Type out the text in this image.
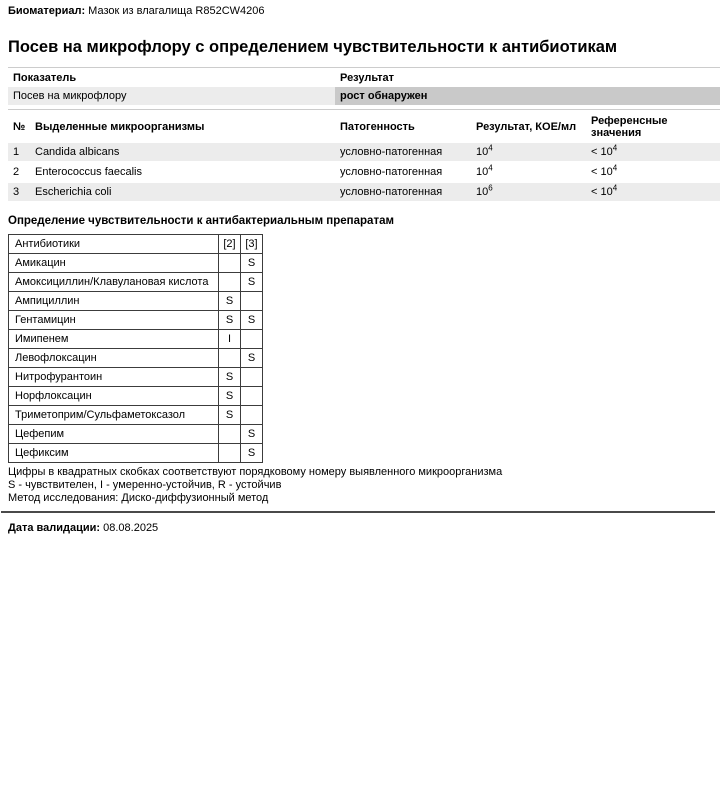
Биоматериал: Мазок из влагалища R852CW4206
Посев на микрофлору с определением чувствительности к антибиотикам
Показатель	Результат
Посев на микрофлору	рост обнаружен
№	Выделенные микроорганизмы	Патогенность	Результат, КОЕ/мл	Референсные значения
1	Candida albicans	условно-патогенная	$10^4$	< $10^4$
2	Enterococcus faecalis	условно-патогенная	$10^4$	< $10^4$
3	Escherichia coli	условно-патогенная	$10^6$	< $10^4$
Определение чувствительности к антибактериальным препаратам
Антибиотики	[2]	[3]
Амикацин		S
Амоксициллин/Клавулановая кислота		S
Ампициллин	S	
Гентамицин	S	S
Имипенем	I	
Левофлоксацин		S
Нитрофурантоин	S	
Норфлоксацин	S	
Триметоприм/Сульфаметоксазол	S	
Цефепим		S
Цефиксим		S
Цифры в квадратных скобках соответствуют порядковому номеру выявленного микроорганизма
S - чувствителен, I - умеренно-устойчив, R - устойчив
Метод исследования: Диско-диффузионный метод
Дата валидации: 08.08.2025
